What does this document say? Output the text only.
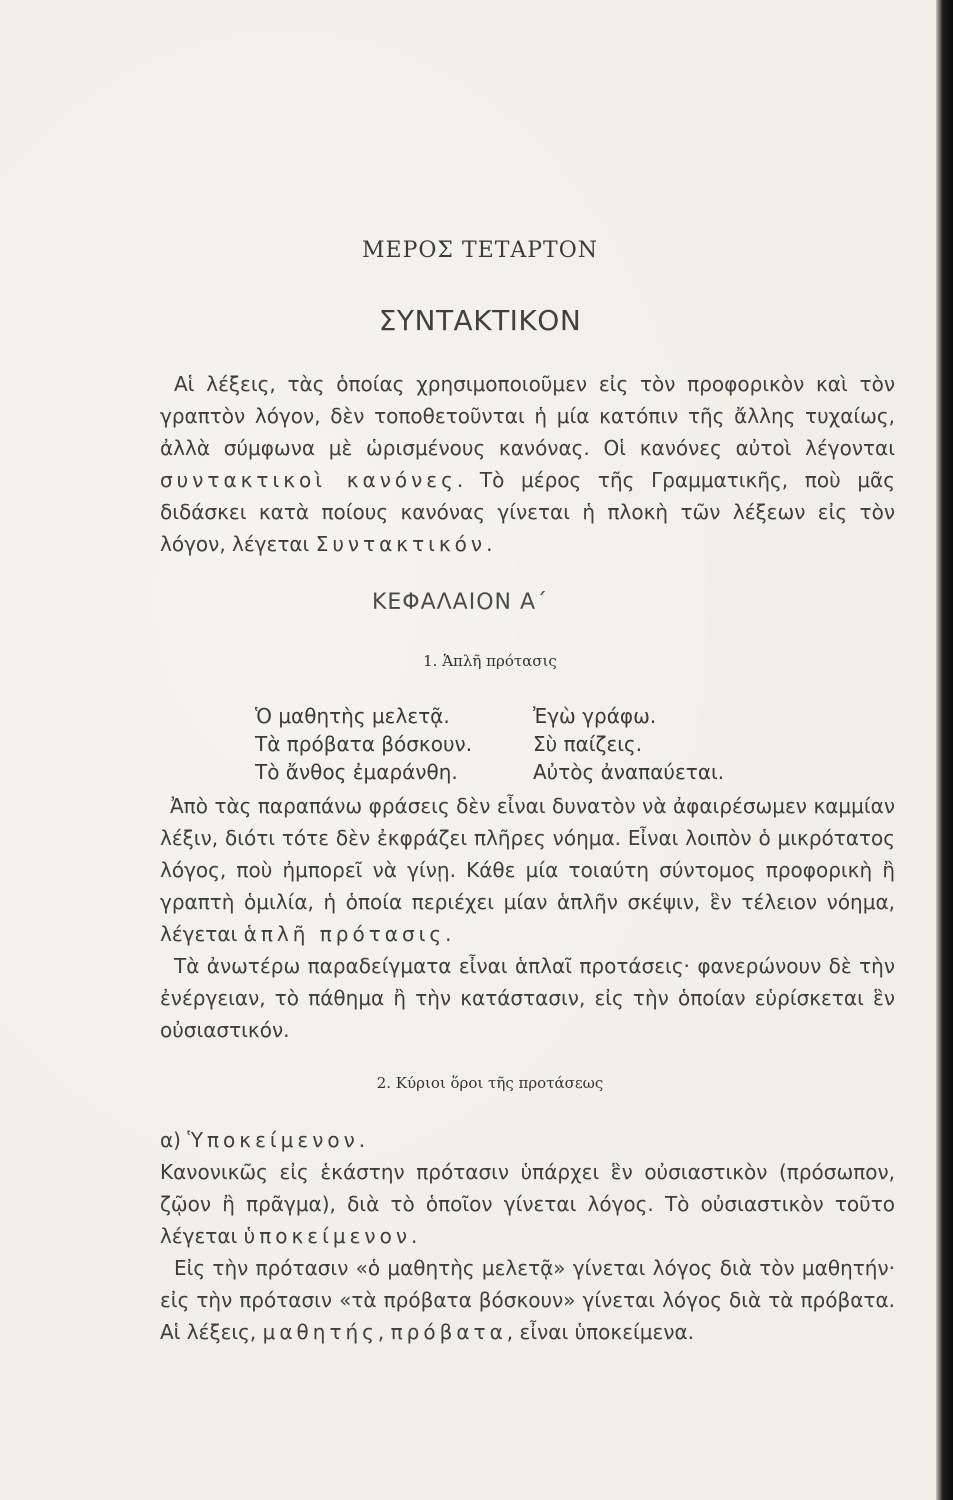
ΜΕΡΟΣ ΤΕΤΑΡΤΟΝ
ΣΥΝΤΑΚΤΙΚΟΝ

Αἱ λέξεις, τὰς ὁποίας χρησιμοποιοῦμεν εἰς τὸν προφορικὸν καὶ τὸν γραπτὸν λόγον, δὲν τοποθετοῦνται ἡ μία κατόπιν τῆς ἄλλης τυχαίως, ἀλλὰ σύμφωνα μὲ ὡρισμένους κανόνας. Οἱ κανόνες αὐτοὶ λέγονται συντακτικοὶ κανόνες. Τὸ μέρος τῆς Γραμματικῆς, ποὺ μᾶς διδάσκει κατὰ ποίους κανόνας γίνεται ἡ πλοκὴ τῶν λέξεων εἰς τὸν λόγον, λέγεται Συντακτικόν.

ΚΕΦΑΛΑΙΟΝ Α΄
1. Ἁπλῆ πρότασις
Ὁ μαθητὴς μελετᾷ.	Ἐγὼ γράφω.
Τὰ πρόβατα βόσκουν.	Σὺ παίζεις.
Τὸ ἄνθος ἐμαράνθη.	Αὐτὸς ἀναπαύεται.

Ἀπὸ τὰς παραπάνω φράσεις δὲν εἶναι δυνατὸν νὰ ἀφαιρέσωμεν καμμίαν λέξιν, διότι τότε δὲν ἐκφράζει πλῆρες νόημα. Εἶναι λοιπὸν ὁ μικρότατος λόγος, ποὺ ἠμπορεῖ νὰ γίνῃ. Κάθε μία τοιαύτη σύντομος προφορικὴ ἢ γραπτὴ ὁμιλία, ἡ ὁποία περιέχει μίαν ἁπλῆν σκέψιν, ἓν τέλειον νόημα, λέγεται ἁπλῆ πρότασις.

Τὰ ἀνωτέρω παραδείγματα εἶναι ἁπλαῖ προτάσεις· φανερώνουν δὲ τὴν ἐνέργειαν, τὸ πάθημα ἢ τὴν κατάστασιν, εἰς τὴν ὁποίαν εὑρίσκεται ἓν οὐσιαστικόν.

2. Κύριοι ὅροι τῆς προτάσεως

α) Ὑποκείμενον.

Κανονικῶς εἰς ἑκάστην πρότασιν ὑπάρχει ἓν οὐσιαστικὸν (πρόσωπον, ζῷον ἢ πρᾶγμα), διὰ τὸ ὁποῖον γίνεται λόγος. Τὸ οὐσιαστικὸν τοῦτο λέγεται ὑποκείμενον.

Εἰς τὴν πρότασιν «ὁ μαθητὴς μελετᾷ» γίνεται λόγος διὰ τὸν μαθητήν· εἰς τὴν πρότασιν «τὰ πρόβατα βόσκουν» γίνεται λόγος διὰ τὰ πρόβατα. Αἱ λέξεις, μαθητής, πρόβατα, εἶναι ὑποκείμενα.
